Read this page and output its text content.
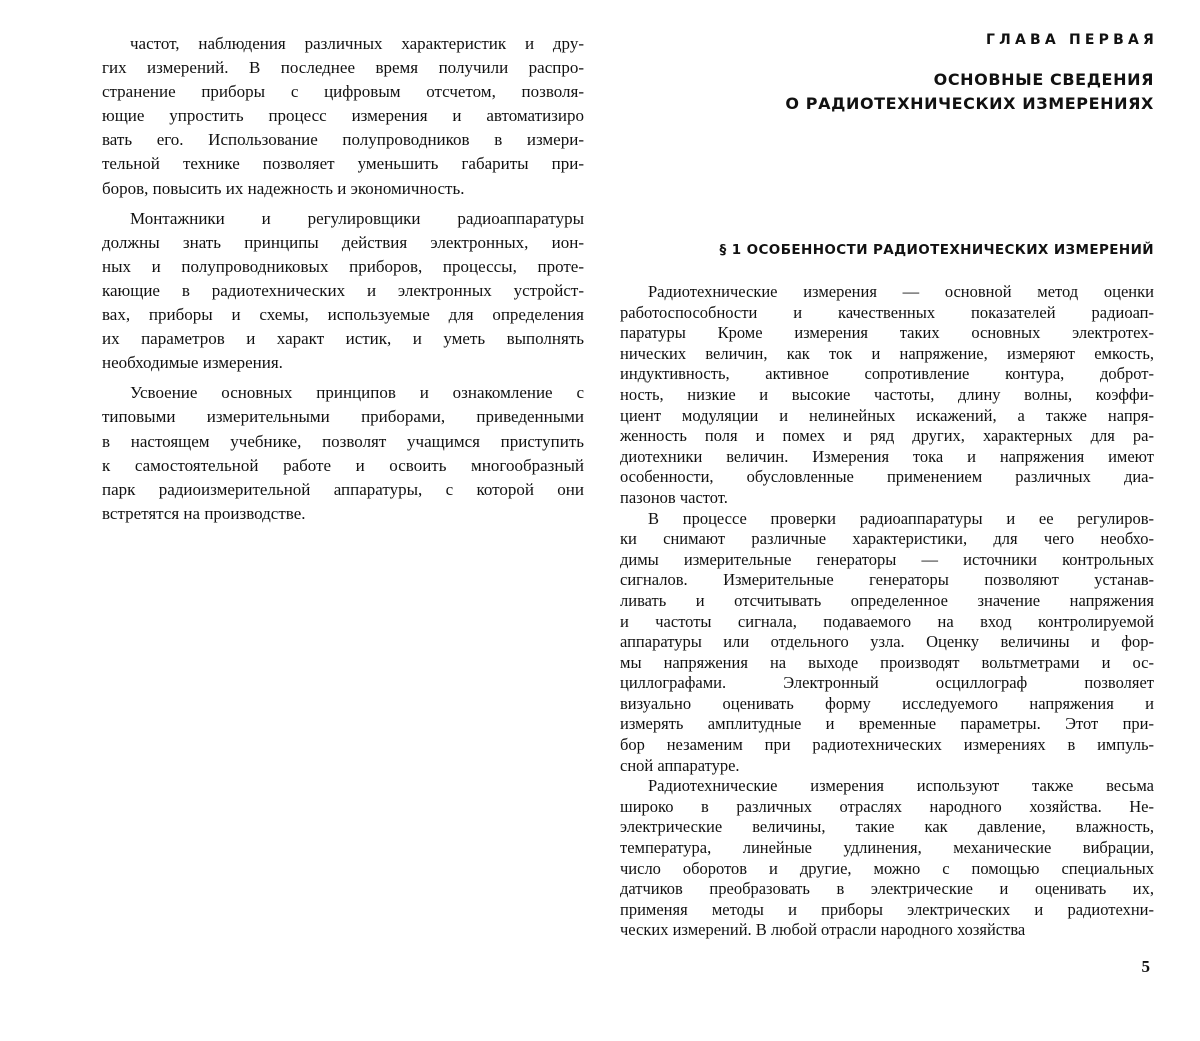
частот, наблюдения различных характеристик и дру-
гих измерений. В последнее время получили распро-
странение приборы с цифровым отсчетом, позволя-
ющие упростить процесс измерения и автоматизиро
вать его. Использование полупроводников в измери-
тельной технике позволяет уменьшить габариты при-
боров, повысить их надежность и экономичность.
Монтажники и регулировщики радиоаппаратуры
должны знать принципы действия электронных, ион-
ных и полупроводниковых приборов, процессы, проте-
кающие в радиотехнических и электронных устройст-
вах, приборы и схемы, используемые для определения
их параметров и характ истик, и уметь выполнять
необходимые измерения.
Усвоение основных принципов и ознакомление с
типовыми измерительными приборами, приведенными
в настоящем учебнике, позволят учащимся приступить
к самостоятельной работе и освоить многообразный
парк радиоизмерительной аппаратуры, с которой они
встретятся на производстве.
ГЛАВА ПЕРВАЯ
ОСНОВНЫЕ СВЕДЕНИЯ
О РАДИОТЕХНИЧЕСКИХ ИЗМЕРЕНИЯХ
§ 1 ОСОБЕННОСТИ РАДИОТЕХНИЧЕСКИХ ИЗМЕРЕНИЙ
Радиотехнические измерения — основной метод оценки
работоспособности и качественных показателей радиоап-
паратуры Кроме измерения таких основных электротех-
нических величин, как ток и напряжение, измеряют емкость,
индуктивность, активное сопротивление контура, доброт-
ность, низкие и высокие частоты, длину волны, коэффи-
циент модуляции и нелинейных искажений, а также напря-
женность поля и помех и ряд других, характерных для ра-
диотехники величин. Измерения тока и напряжения имеют
особенности, обусловленные применением различных диа-
пазонов частот.
В процессе проверки радиоаппаратуры и ее регулиров-
ки снимают различные характеристики, для чего необхо-
димы измерительные генераторы — источники контрольных
сигналов. Измерительные генераторы позволяют устанав-
ливать и отсчитывать определенное значение напряжения
и частоты сигнала, подаваемого на вход контролируемой
аппаратуры или отдельного узла. Оценку величины и фор-
мы напряжения на выходе производят вольтметрами и ос-
циллографами. Электронный осциллограф позволяет
визуально оценивать форму исследуемого напряжения и
измерять амплитудные и временные параметры. Этот при-
бор незаменим при радиотехнических измерениях в импуль-
сной аппаратуре.
Радиотехнические измерения используют также весьма
широко в различных отраслях народного хозяйства. Не-
электрические величины, такие как давление, влажность,
температура, линейные удлинения, механические вибрации,
число оборотов и другие, можно с помощью специальных
датчиков преобразовать в электрические и оценивать их,
применяя методы и приборы электрических и радиотехни-
ческих измерений. В любой отрасли народного хозяйства
5
